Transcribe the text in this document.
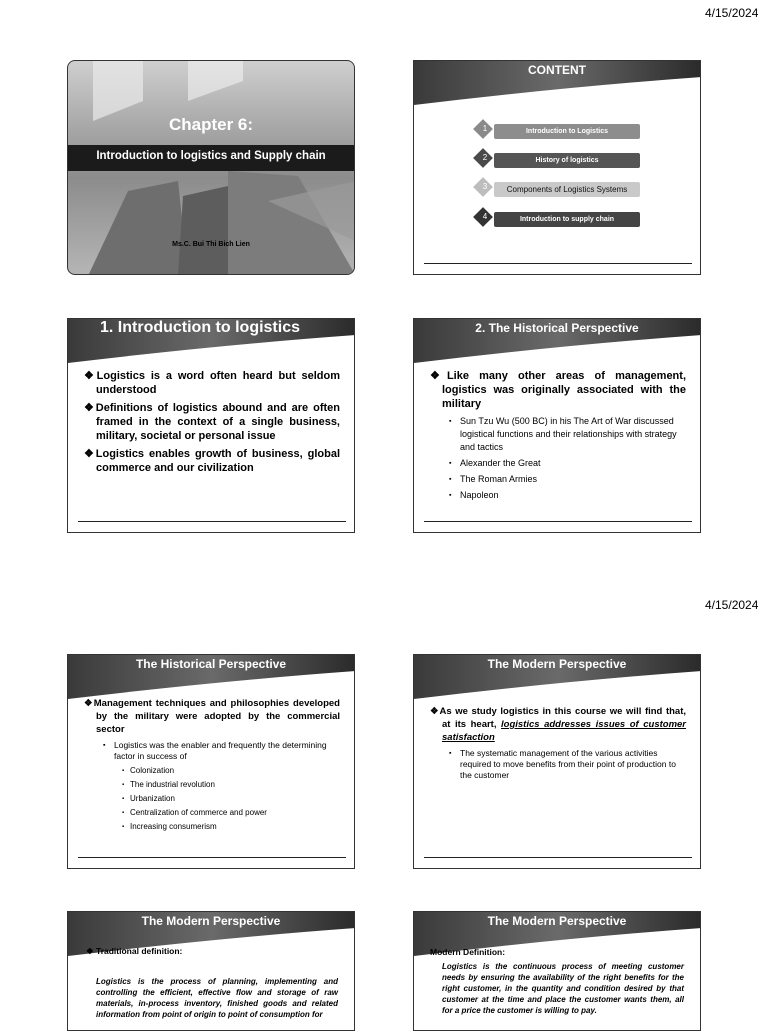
4/15/2024
4/15/2024
Chapter 6:
Introduction to logistics and Supply chain
Ms.C. Bui Thi Bich Lien
CONTENT
1	Introduction to Logistics
2	History of logistics
3	Components of Logistics Systems
4	Introduction to supply chain
1. Introduction to logistics
❖Logistics is a word often heard but seldom understood
❖Definitions of logistics abound and are often framed in the context of a single business, military, societal or personal issue
❖Logistics enables growth of business, global commerce and our civilization
2. The Historical Perspective
❖Like many other areas of management, logistics was originally associated with the military
▪ Sun Tzu Wu (500 BC) in his The Art of War discussed logistical functions and their relationships with strategy and tactics
▪ Alexander the Great
▪ The Roman Armies
▪ Napoleon
The Historical Perspective
❖Management techniques and philosophies developed by the military were adopted by the commercial sector
▪ Logistics was the enabler and frequently the determining factor in success of
▪ Colonization
▪ The industrial revolution
▪ Urbanization
▪ Centralization of commerce and power
▪ Increasing consumerism
The Modern Perspective
❖As we study logistics in this course we will find that, at its heart, logistics addresses issues of customer satisfaction
▪ The systematic management of the various activities required to move benefits from their point of production to the customer
The Modern Perspective
❖ Traditional definition:
Logistics is the process of planning, implementing and controlling the efficient, effective flow and storage of raw materials, in-process inventory, finished goods and related information from point of origin to point of consumption for
The Modern Perspective
Modern Definition:
Logistics is the continuous process of meeting customer needs by ensuring the availability of the right benefits for the right customer, in the quantity and condition desired by that customer at the time and place the customer wants them, all for a price the customer is willing to pay.
